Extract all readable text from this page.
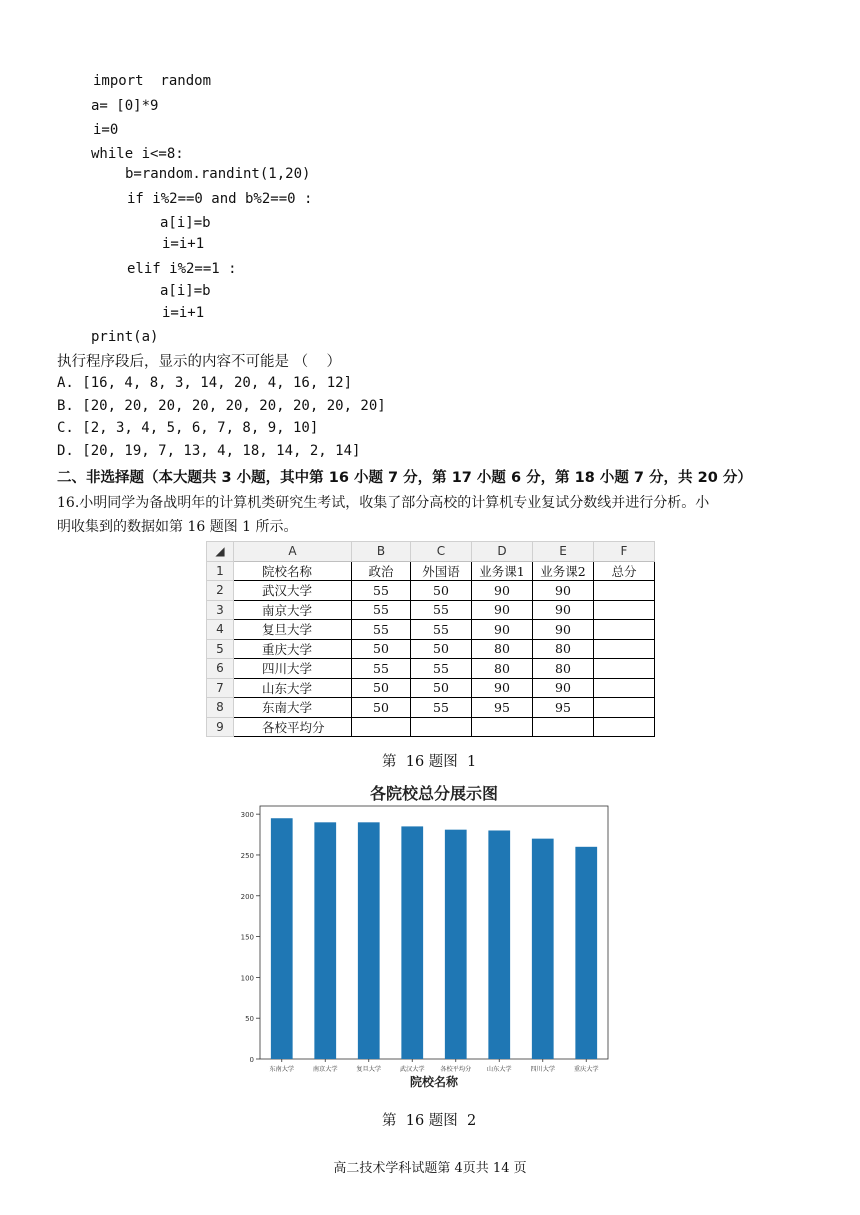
import  random
a= [0]*9
i=0
while i<=8:
b=random.randint(1,20)
if i%2==0 and b%2==0 :
a[i]=b
i=i+1
elif i%2==1 :
a[i]=b
i=i+1
print(a)
执行程序段后，显示的内容不可能是 （    ）
A. [16, 4, 8, 3, 14, 20, 4, 16, 12]
B. [20, 20, 20, 20, 20, 20, 20, 20, 20]
C. [2, 3, 4, 5, 6, 7, 8, 9, 10]
D. [20, 19, 7, 13, 4, 18, 14, 2, 14]
二、非选择题（本大题共 3 小题，其中第 16 小题 7 分，第 17 小题 6 分，第 18 小题 7 分，共 20 分）
16.小明同学为备战明年的计算机类研究生考试，收集了部分高校的计算机专业复试分数线并进行分析。小
明收集到的数据如第 16 题图 1 所示。
◢	A	B	C	D	E	F
1	院校名称	政治	外国语	业务课1	业务课2	总分
2	武汉大学	55	50	90	90	
3	南京大学	55	55	90	90	
4	复旦大学	55	55	90	90	
5	重庆大学	50	50	80	80	
6	四川大学	55	55	80	80	
7	山东大学	50	50	90	90	
8	东南大学	50	55	95	95	
9	各校平均分					
第  16 题图  1
各院校总分展示图
0
50
100
150
200
250
300
东南大学	南京大学	复旦大学	武汉大学	各校平均分	山东大学	四川大学	重庆大学
院校名称
第  16 题图  2
高二技术学科试题第 4页共 14 页
